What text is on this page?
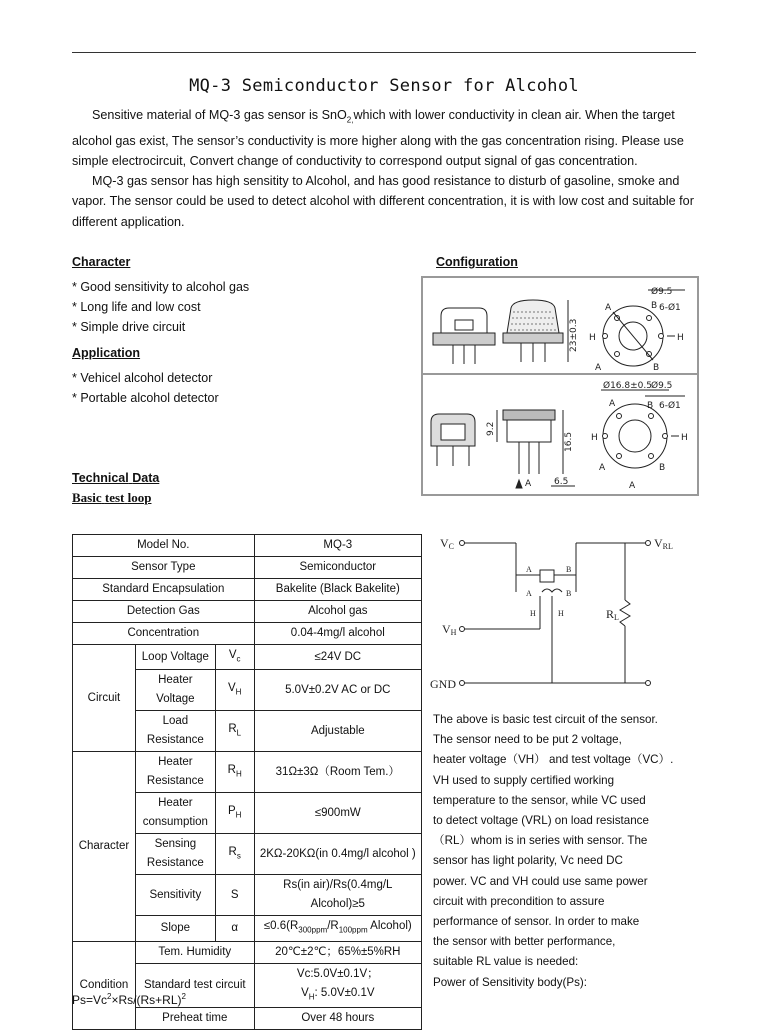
MQ-3 Semiconductor Sensor for Alcohol

Sensitive material of MQ-3 gas sensor is SnO$_{2,}$which with lower conductivity in clean air. When the target alcohol gas exist, The sensor’s conductivity is more higher along with the gas concentration rising. Please use simple electrocircuit, Convert change of conductivity to correspond output signal of gas concentration.

MQ-3 gas sensor has high sensitity to Alcohol, and has good resistance to disturb of gasoline, smoke and vapor. The sensor could be used to detect alcohol with different concentration, it is with low cost and suitable for different application.

Character
* Good sensitivity to alcohol gas
* Long life and low cost
* Simple drive circuit
Application
* Vehicel alcohol detector
* Portable alcohol detector
Configuration
23±0.3
Ø9.5
6-Ø1
A	B
H	H
A	B
9.2
16.5
A	6.5
Ø16.8±0.5 Ø9.5
6-Ø1
A	B
H	H
A	B
A
Technical Data
Basic test loop
Model No.			MQ-3
Sensor Type			Semiconductor
Standard Encapsulation			Bakelite (Black Bakelite)
Detection Gas			Alcohol gas
Concentration			0.04-4mg/l alcohol
Circuit	Loop Voltage	$V_c$	≤24V DC
	Heater Voltage	$V_H$	5.0V±0.2V AC or DC
	Load Resistance	$R_L$	Adjustable
Character	Heater Resistance	$R_H$	31Ω±3Ω（Room Tem.）
	Heater consumption	$P_H$	≤900mW
	Sensing Resistance	$R_s$	2KΩ-20KΩ(in 0.4mg/l alcohol )
	Sensitivity	S	Rs(in air)/Rs(0.4mg/L Alcohol)≥5
	Slope	α	$\le 0.6(R_{300ppm}/R_{100ppm}$ Alcohol)
Condition	Tem. Humidity		20℃±2℃；65%±5%RH
	Standard test circuit		Vc:5.0V±0.1V；
$V_H$: 5.0V±0.1V

	Preheat time		Over 48 hours
VC	VRL
VH
RL
GND
A	B
A	B
H	H
The above is basic test circuit of the sensor.
The sensor need to be put 2 voltage,
heater voltage（VH） and test voltage（VC）.
VH used to supply certified working
temperature to the sensor, while VC used
to detect voltage (VRL) on load resistance
（RL）whom is in series with sensor. The
sensor has light polarity, Vc need DC
power. VC and VH could use same power
circuit with precondition to assure
performance of sensor. In order to make
the sensor with better performance,
suitable RL value is needed:
Power of Sensitivity body(Ps):
$Ps=Vc^2\times Rs/(Rs+RL)^2$
